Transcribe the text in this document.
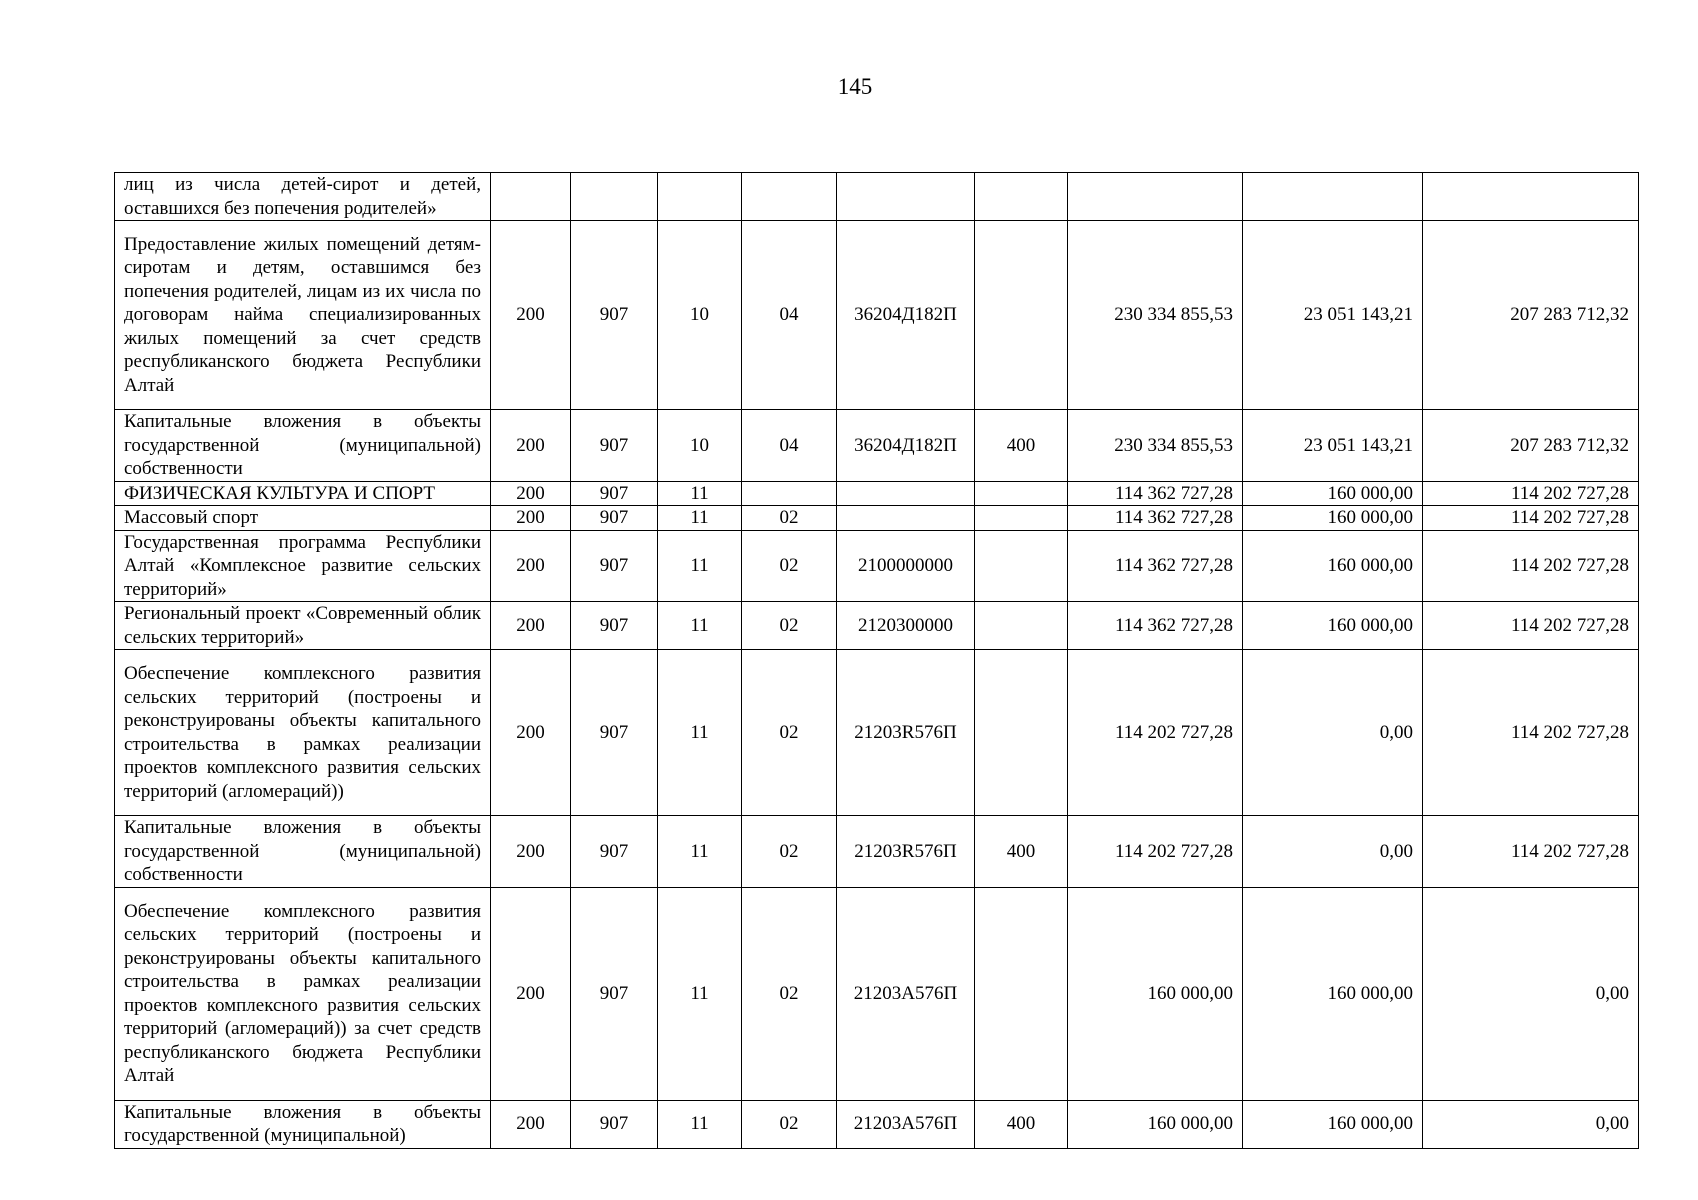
145
лиц из числа детей-сирот и детей, оставшихся без попечения родителей»									
Предоставление жилых помещений детям-сиротам и детям, оставшимся без попечения родителей, лицам из их числа по договорам найма специализированных жилых помещений за счет средств республиканского бюджета Республики Алтай	200	907	10	04	36204Д182П		230 334 855,53	23 051 143,21	207 283 712,32
Капитальные вложения в объекты государственной (муниципальной) собственности	200	907	10	04	36204Д182П	400	230 334 855,53	23 051 143,21	207 283 712,32
ФИЗИЧЕСКАЯ КУЛЬТУРА И СПОРТ	200	907	11				114 362 727,28	160 000,00	114 202 727,28
Массовый спорт	200	907	11	02			114 362 727,28	160 000,00	114 202 727,28
Государственная программа Республики Алтай «Комплексное развитие сельских территорий»	200	907	11	02	2100000000		114 362 727,28	160 000,00	114 202 727,28
Региональный проект «Современный облик сельских территорий»	200	907	11	02	2120300000		114 362 727,28	160 000,00	114 202 727,28
Обеспечение комплексного развития сельских территорий (построены и реконструированы объекты капитального строительства в рамках реализации проектов комплексного развития сельских территорий (агломераций))	200	907	11	02	21203R576П		114 202 727,28	0,00	114 202 727,28
Капитальные вложения в объекты государственной (муниципальной) собственности	200	907	11	02	21203R576П	400	114 202 727,28	0,00	114 202 727,28
Обеспечение комплексного развития сельских территорий (построены и реконструированы объекты капитального строительства в рамках реализации проектов комплексного развития сельских территорий (агломераций)) за счет средств республиканского бюджета Республики Алтай	200	907	11	02	21203А576П		160 000,00	160 000,00	0,00
Капитальные вложения в объекты государственной (муниципальной)	200	907	11	02	21203А576П	400	160 000,00	160 000,00	0,00
